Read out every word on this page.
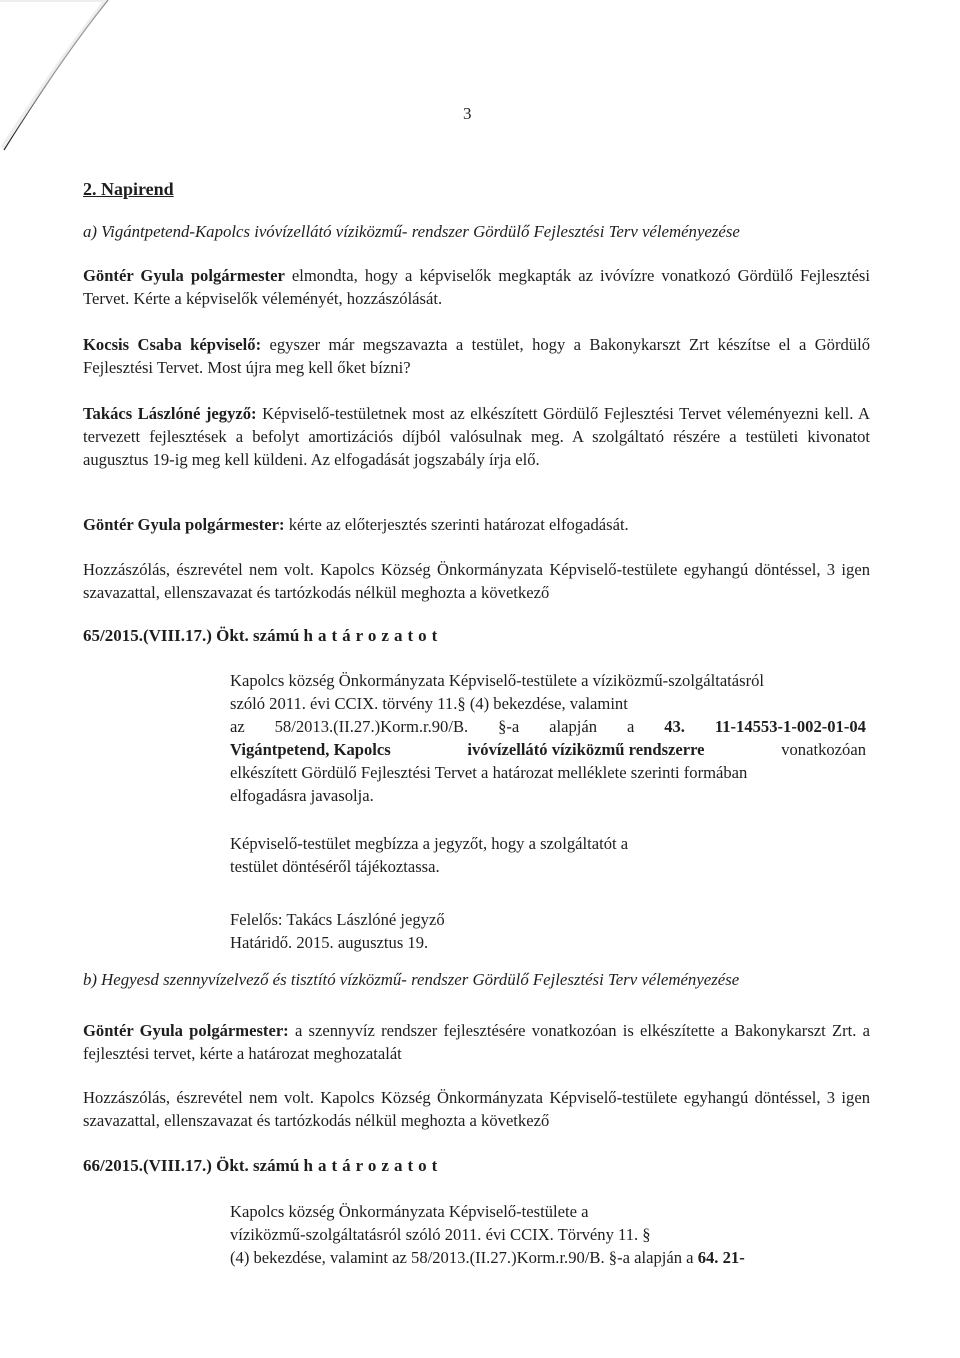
3
2. Napirend
a) Vigántpetend-Kapolcs ivóvízellátó víziközmű- rendszer Gördülő Fejlesztési Terv véleményezése
Göntér Gyula polgármester elmondta, hogy a képviselők megkapták az ivóvízre vonatkozó Gördülő Fejlesztési Tervet. Kérte a képviselők véleményét, hozzászólását.
Kocsis Csaba képviselő: egyszer már megszavazta a testület, hogy a Bakonykarszt Zrt készítse el a Gördülő Fejlesztési Tervet. Most újra meg kell őket bízni?
Takács Lászlóné jegyző: Képviselő-testületnek most az elkészített Gördülő Fejlesztési Tervet véleményezni kell. A tervezett fejlesztések a befolyt amortizációs díjból valósulnak meg. A szolgáltató részére a testületi kivonatot augusztus 19-ig meg kell küldeni. Az elfogadását jogszabály írja elő.
Göntér Gyula polgármester: kérte az előterjesztés szerinti határozat elfogadását.
Hozzászólás, észrevétel nem volt. Kapolcs Község Önkormányzata Képviselő-testülete egyhangú döntéssel, 3 igen szavazattal, ellenszavazat és tartózkodás nélkül meghozta a következő
65/2015.(VIII.17.) Ökt. számú határozatot
Kapolcs község Önkormányzata Képviselő-testülete a víziközmű-szolgáltatásról
szóló 2011. évi CCIX. törvény 11.§ (4) bekezdése, valamint
az 58/2013.(II.27.)Korm.r.90/B. §-a alapján a 43. 11-14553-1-002-01-04
Vigántpetend, Kapolcs	ivóvízellátó víziközmű rendszerre	vonatkozóan
elkészített Gördülő Fejlesztési Tervet a határozat melléklete szerinti formában
elfogadásra javasolja.
Képviselő-testület megbízza a jegyzőt, hogy a szolgáltatót a
testület döntéséről tájékoztassa.
Felelős: Takács Lászlóné jegyző
Határidő. 2015. augusztus 19.
b) Hegyesd szennyvízelvező és tisztító vízközmű- rendszer Gördülő Fejlesztési Terv véleményezése
Göntér Gyula polgármester: a szennyvíz rendszer fejlesztésére vonatkozóan is elkészítette a Bakonykarszt Zrt. a fejlesztési tervet, kérte a határozat meghozatalát
Hozzászólás, észrevétel nem volt. Kapolcs Község Önkormányzata Képviselő-testülete egyhangú döntéssel, 3 igen szavazattal, ellenszavazat és tartózkodás nélkül meghozta a következő
66/2015.(VIII.17.) Ökt. számú határozatot
Kapolcs község Önkormányzata Képviselő-testülete a
víziközmű-szolgáltatásról szóló 2011. évi CCIX. Törvény 11. §
(4) bekezdése, valamint az 58/2013.(II.27.)Korm.r.90/B. §-a alapján a 64. 21-
